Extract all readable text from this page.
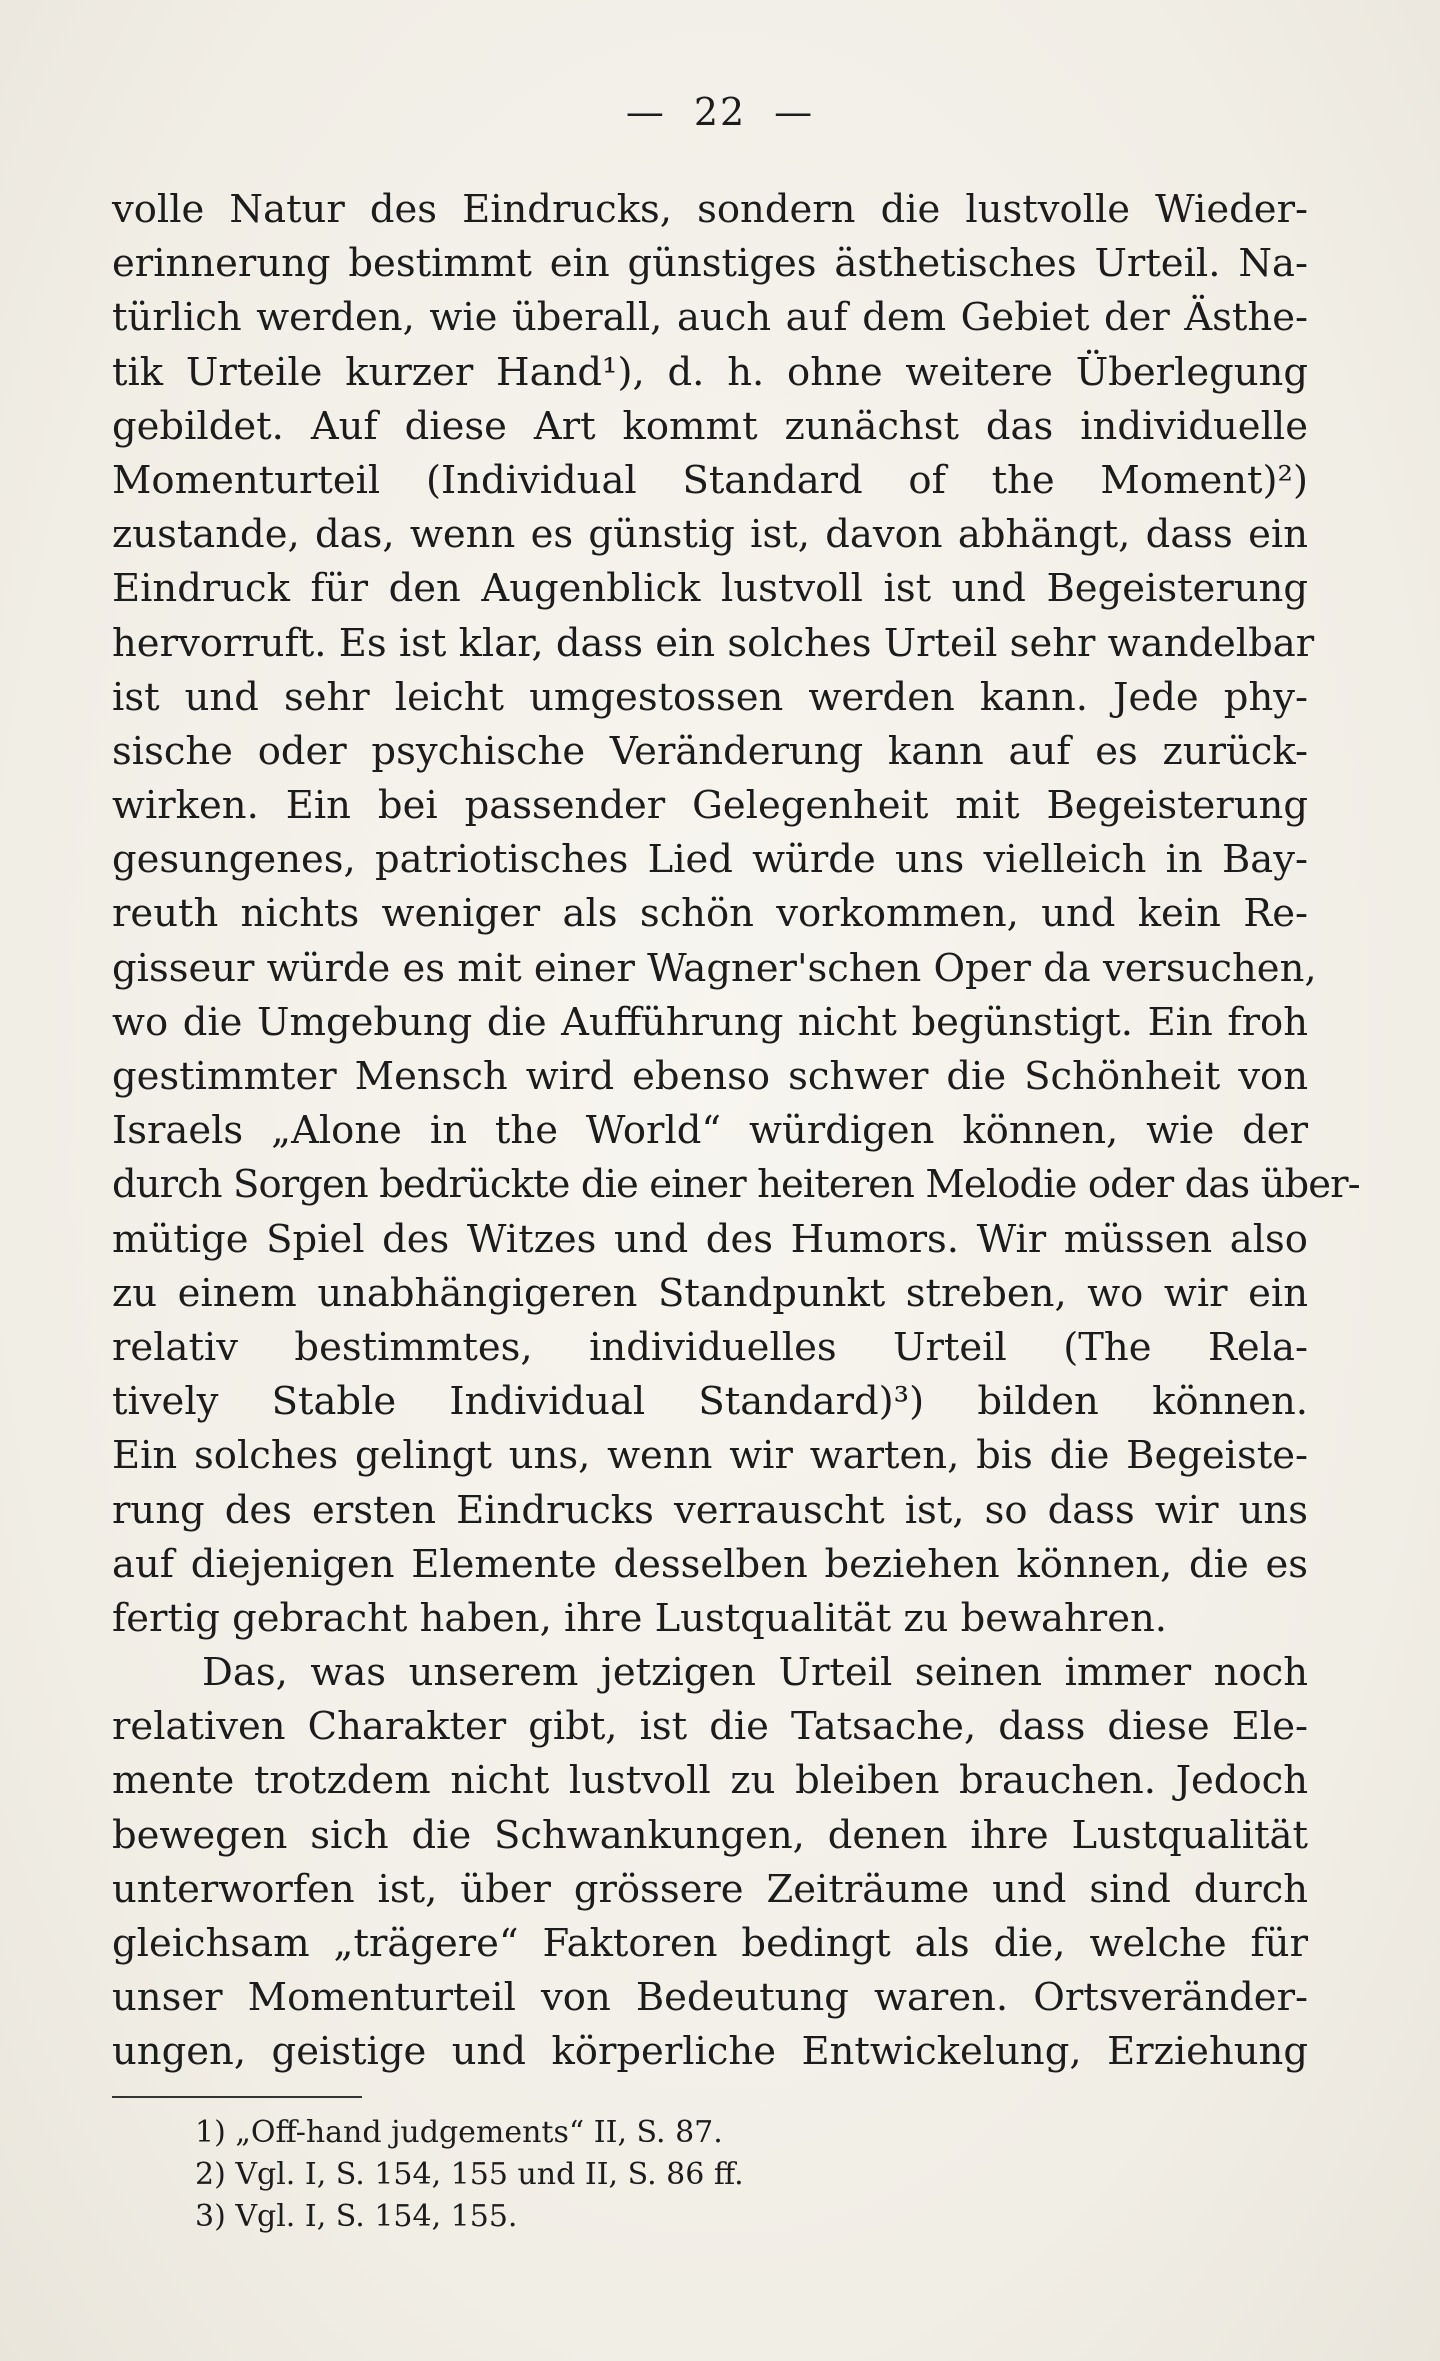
— 22 —
volle Natur des Eindrucks, sondern die lustvolle Wieder-
erinnerung bestimmt ein günstiges ästhetisches Urteil. Na-
türlich werden, wie überall, auch auf dem Gebiet der Ästhe-
tik Urteile kurzer Hand¹), d. h. ohne weitere Überlegung
gebildet. Auf diese Art kommt zunächst das individuelle
Momenturteil (Individual Standard of the Moment)²)
zustande, das, wenn es günstig ist, davon abhängt, dass ein
Eindruck für den Augenblick lustvoll ist und Begeisterung
hervorruft. Es ist klar, dass ein solches Urteil sehr wandelbar
ist und sehr leicht umgestossen werden kann. Jede phy-
sische oder psychische Veränderung kann auf es zurück-
wirken. Ein bei passender Gelegenheit mit Begeisterung
gesungenes, patriotisches Lied würde uns vielleich in Bay-
reuth nichts weniger als schön vorkommen, und kein Re-
gisseur würde es mit einer Wagner'schen Oper da versuchen,
wo die Umgebung die Aufführung nicht begünstigt. Ein froh
gestimmter Mensch wird ebenso schwer die Schönheit von
Israels „Alone in the World“ würdigen können, wie der
durch Sorgen bedrückte die einer heiteren Melodie oder das über-
mütige Spiel des Witzes und des Humors. Wir müssen also
zu einem unabhängigeren Standpunkt streben, wo wir ein
relativ bestimmtes, individuelles Urteil (The Rela-
tively Stable Individual Standard)³) bilden können.
Ein solches gelingt uns, wenn wir warten, bis die Begeiste-
rung des ersten Eindrucks verrauscht ist, so dass wir uns
auf diejenigen Elemente desselben beziehen können, die es
fertig gebracht haben, ihre Lustqualität zu bewahren.
Das, was unserem jetzigen Urteil seinen immer noch
relativen Charakter gibt, ist die Tatsache, dass diese Ele-
mente trotzdem nicht lustvoll zu bleiben brauchen. Jedoch
bewegen sich die Schwankungen, denen ihre Lustqualität
unterworfen ist, über grössere Zeiträume und sind durch
gleichsam „trägere“ Faktoren bedingt als die, welche für
unser Momenturteil von Bedeutung waren. Ortsveränder-
ungen, geistige und körperliche Entwickelung, Erziehung
1) „Off-hand judgements“ II, S. 87.
2) Vgl. I, S. 154, 155 und II, S. 86 ff.
3) Vgl. I, S. 154, 155.
